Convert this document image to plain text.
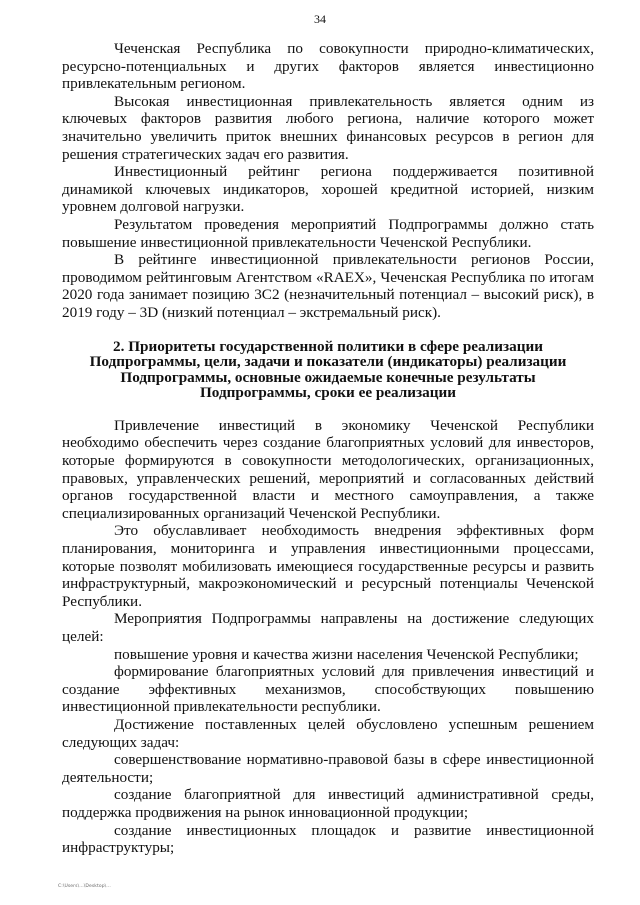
34

Чеченская Республика по совокупности природно-климатических, ресурсно-потенциальных и других факторов является инвестиционно привлекательным регионом.

Высокая инвестиционная привлекательность является одним из ключевых факторов развития любого региона, наличие которого может значительно увеличить приток внешних финансовых ресурсов в регион для решения стратегических задач его развития.

Инвестиционный рейтинг региона поддерживается позитивной динамикой ключевых индикаторов, хорошей кредитной историей, низким уровнем долговой нагрузки.

Результатом проведения мероприятий Подпрограммы должно стать повышение инвестиционной привлекательности Чеченской Республики.

В рейтинге инвестиционной привлекательности регионов России, проводимом рейтинговым Агентством «RAEX», Чеченская Республика по итогам 2020 года занимает позицию 3С2 (незначительный потенциал – высокий риск), в 2019 году – 3D (низкий потенциал – экстремальный риск).

2. Приоритеты государственной политики в сфере реализации Подпрограммы, цели, задачи и показатели (индикаторы) реализации Подпрограммы, основные ожидаемые конечные результаты Подпрограммы, сроки ее реализации

Привлечение инвестиций в экономику Чеченской Республики необходимо обеспечить через создание благоприятных условий для инвесторов, которые формируются в совокупности методологических, организационных, правовых, управленческих решений, мероприятий и согласованных действий органов государственной власти и местного самоуправления, а также специализированных организаций Чеченской Республики.

Это обуславливает необходимость внедрения эффективных форм планирования, мониторинга и управления инвестиционными процессами, которые позволят мобилизовать имеющиеся государственные ресурсы и развить инфраструктурный, макроэкономический и ресурсный потенциалы Чеченской Республики.

Мероприятия Подпрограммы направлены на достижение следующих целей:

повышение уровня и качества жизни населения Чеченской Республики;

формирование благоприятных условий для привлечения инвестиций и создание эффективных механизмов, способствующих повышению инвестиционной привлекательности республики.

Достижение поставленных целей обусловлено успешным решением следующих задач:

совершенствование нормативно-правовой базы в сфере инвестиционной деятельности;

создание благоприятной для инвестиций административной среды, поддержка продвижения на рынок инновационной продукции;

создание инвестиционных площадок и развитие инвестиционной инфраструктуры;

C:\Users\...\Desktop\...
